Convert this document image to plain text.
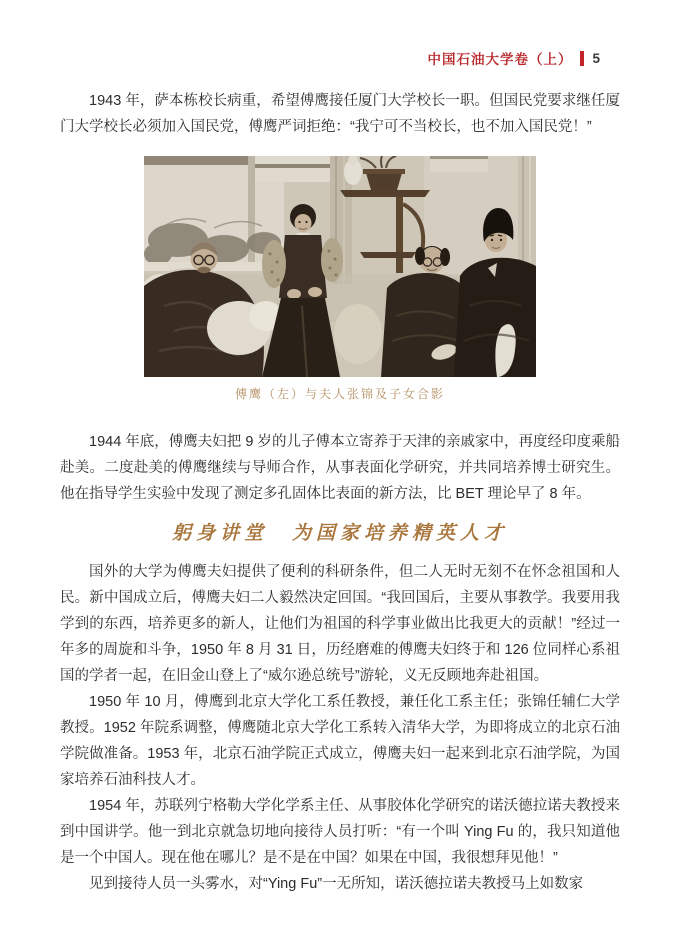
中国石油大学卷（上） 5

1943 年，萨本栋校长病重，希望傅鹰接任厦门大学校长一职。但国民党要求继任厦门大学校长必须加入国民党，傅鹰严词拒绝：“我宁可不当校长，也不加入国民党！”

傅鹰（左）与夫人张锦及子女合影

1944 年底，傅鹰夫妇把 9 岁的儿子傅本立寄养于天津的亲戚家中，再度经印度乘船赴美。二度赴美的傅鹰继续与导师合作，从事表面化学研究，并共同培养博士研究生。他在指导学生实验中发现了测定多孔固体比表面的新方法，比 BET 理论早了 8 年。

躬身讲堂　为国家培养精英人才

国外的大学为傅鹰夫妇提供了便利的科研条件，但二人无时无刻不在怀念祖国和人民。新中国成立后，傅鹰夫妇二人毅然决定回国。“我回国后，主要从事教学。我要用我学到的东西，培养更多的新人，让他们为祖国的科学事业做出比我更大的贡献！”经过一年多的周旋和斗争，1950 年 8 月 31 日，历经磨难的傅鹰夫妇终于和 126 位同样心系祖国的学者一起，在旧金山登上了“威尔逊总统号”游轮，义无反顾地奔赴祖国。

1950 年 10 月，傅鹰到北京大学化工系任教授，兼任化工系主任；张锦任辅仁大学教授。1952 年院系调整，傅鹰随北京大学化工系转入清华大学，为即将成立的北京石油学院做准备。1953 年，北京石油学院正式成立，傅鹰夫妇一起来到北京石油学院，为国家培养石油科技人才。

1954 年，苏联列宁格勒大学化学系主任、从事胶体化学研究的诺沃德拉诺夫教授来到中国讲学。他一到北京就急切地向接待人员打听：“有一个叫 Ying Fu 的，我只知道他是一个中国人。现在他在哪儿？是不是在中国？如果在中国，我很想拜见他！”

见到接待人员一头雾水，对“Ying Fu”一无所知，诺沃德拉诺夫教授马上如数家
